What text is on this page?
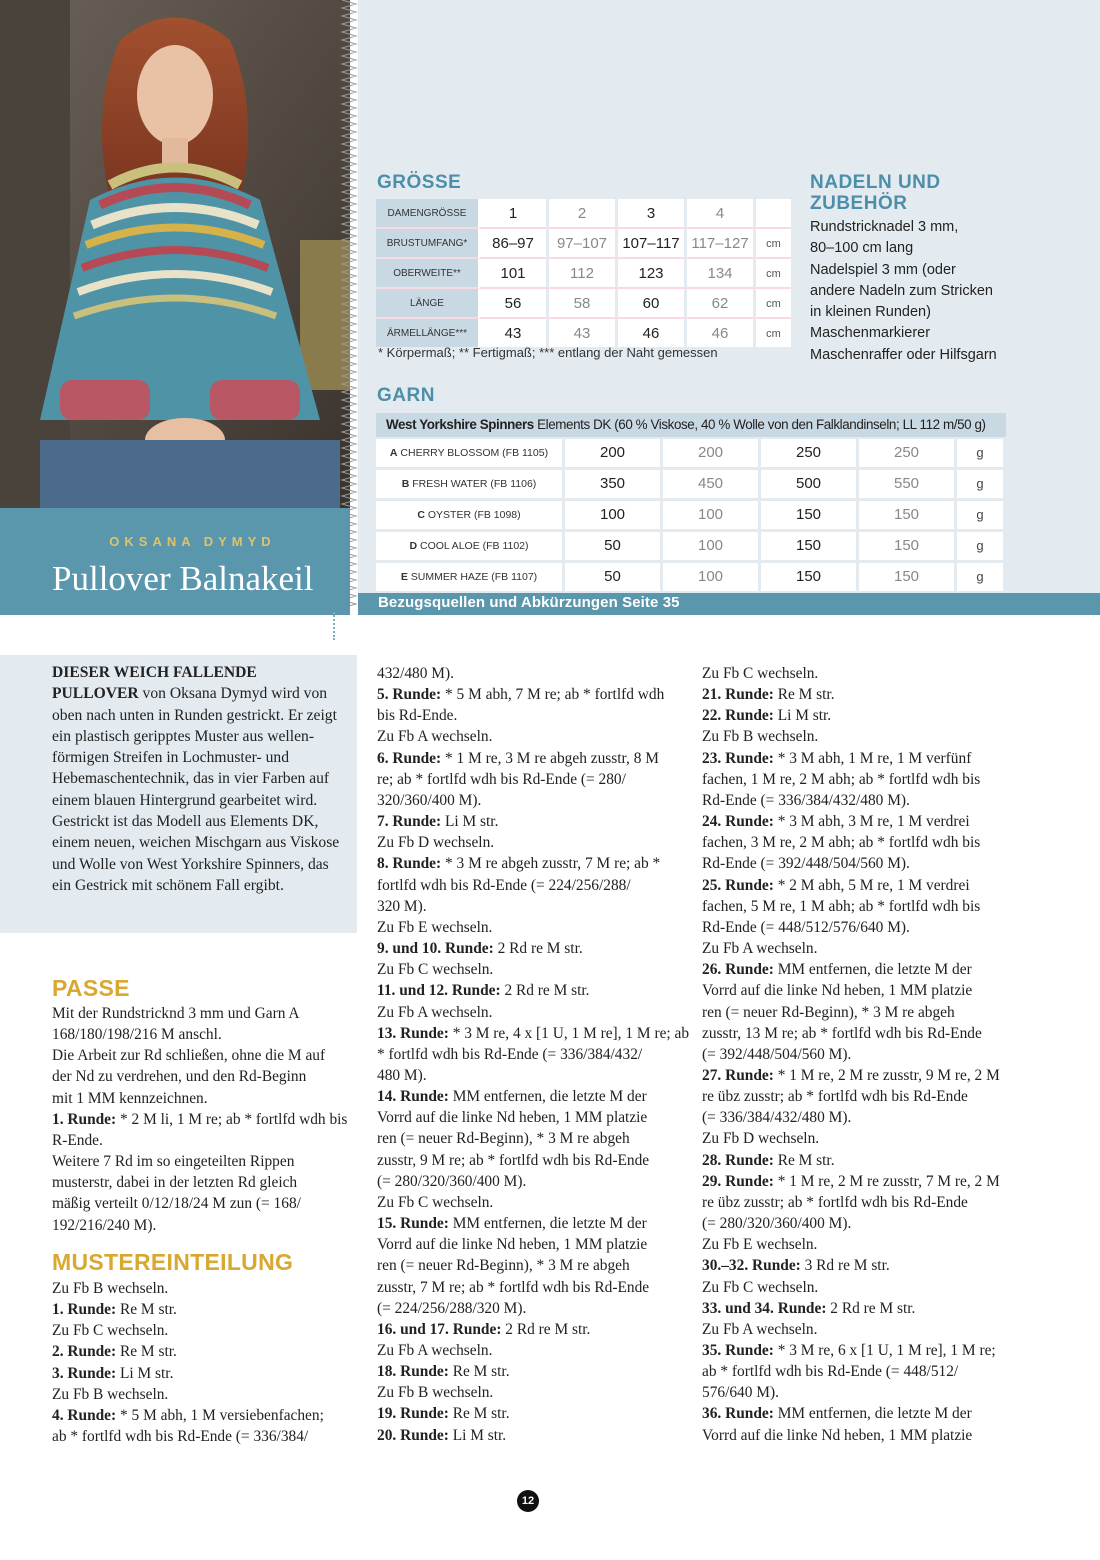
OKSANA DYMYD
Pullover Balnakeil
Bezugsquellen und Abkürzungen Seite 35
GRÖSSE
DAMENGRÖSSE	1	2	3	4	
BRUSTUMFANG*	86–97	97–107	107–117	117–127	cm
OBERWEITE**	101	112	123	134	cm
LÄNGE	56	58	60	62	cm
ÄRMELLÄNGE***	43	43	46	46	cm
* Körpermaß; ** Fertigmaß; *** entlang der Naht gemessen
NADELN UND
ZUBEHÖR
Rundstricknadel 3 mm,
80–100 cm lang
Nadelspiel 3 mm (oder
andere Nadeln zum Stricken
in kleinen Runden)
Maschenmarkierer
Maschenraffer oder Hilfsgarn
GARN
West Yorkshire Spinners Elements DK (60 % Viskose, 40 % Wolle von den Falklandinseln; LL 112 m/50 g)
A CHERRY BLOSSOM (FB 1105)	200	200	250	250	g
B FRESH WATER (FB 1106)	350	450	500	550	g
C OYSTER (FB 1098)	100	100	150	150	g
D COOL ALOE (FB 1102)	50	100	150	150	g
E SUMMER HAZE (FB 1107)	50	100	150	150	g

DIESER WEICH FALLENDE PULLOVER von Oksana Dymyd wird von oben nach unten in Runden gestrickt. Er zeigt ein plastisch geripptes Muster aus wellenförmigen Streifen in Lochmuster- und Hebemaschentechnik, das in vier Farben auf einem blauen Hintergrund gearbeitet wird. Gestrickt ist das Modell aus Elements DK, einem neuen, weichen Mischgarn aus Viskose und Wolle von West Yorkshire Spinners, das ein Gestrick mit schönem Fall ergibt.

PASSE
Mit der Rundstricknd 3 mm und Garn A
168/180/198/216 M anschl.
Die Arbeit zur Rd schließen, ohne die M auf
der Nd zu verdrehen, und den Rd-Beginn
mit 1 MM kennzeichnen.
1. Runde: * 2 M li, 1 M re; ab * fortlfd wdh bis
R-Ende.
Weitere 7 Rd im so eingeteilten Rippen
musterstr, dabei in der letzten Rd gleich
mäßig verteilt 0/12/18/24 M zun (= 168/
192/216/240 M).
MUSTEREINTEILUNG
Zu Fb B wechseln.
1. Runde: Re M str.
Zu Fb C wechseln.
2. Runde: Re M str.
3. Runde: Li M str.
Zu Fb B wechseln.
4. Runde: * 5 M abh, 1 M versiebenfachen;
ab * fortlfd wdh bis Rd-Ende (= 336/384/
432/480 M).
5. Runde: * 5 M abh, 7 M re; ab * fortlfd wdh
bis Rd-Ende.
Zu Fb A wechseln.
6. Runde: * 1 M re, 3 M re abgeh zusstr, 8 M
re; ab * fortlfd wdh bis Rd-Ende (= 280/
320/360/400 M).
7. Runde: Li M str.
Zu Fb D wechseln.
8. Runde: * 3 M re abgeh zusstr, 7 M re; ab *
fortlfd wdh bis Rd-Ende (= 224/256/288/
320 M).
Zu Fb E wechseln.
9. und 10. Runde: 2 Rd re M str.
Zu Fb C wechseln.
11. und 12. Runde: 2 Rd re M str.
Zu Fb A wechseln.
13. Runde: * 3 M re, 4 x [1 U, 1 M re], 1 M re; ab
* fortlfd wdh bis Rd-Ende (= 336/384/432/
480 M).
14. Runde: MM entfernen, die letzte M der
Vorrd auf die linke Nd heben, 1 MM platzie
ren (= neuer Rd-Beginn), * 3 M re abgeh
zusstr, 9 M re; ab * fortlfd wdh bis Rd-Ende
(= 280/320/360/400 M).
Zu Fb C wechseln.
15. Runde: MM entfernen, die letzte M der
Vorrd auf die linke Nd heben, 1 MM platzie
ren (= neuer Rd-Beginn), * 3 M re abgeh
zusstr, 7 M re; ab * fortlfd wdh bis Rd-Ende
(= 224/256/288/320 M).
16. und 17. Runde: 2 Rd re M str.
Zu Fb A wechseln.
18. Runde: Re M str.
Zu Fb B wechseln.
19. Runde: Re M str.
20. Runde: Li M str.
Zu Fb C wechseln.
21. Runde: Re M str.
22. Runde: Li M str.
Zu Fb B wechseln.
23. Runde: * 3 M abh, 1 M re, 1 M verfünf
fachen, 1 M re, 2 M abh; ab * fortlfd wdh bis
Rd-Ende (= 336/384/432/480 M).
24. Runde: * 3 M abh, 3 M re, 1 M verdrei
fachen, 3 M re, 2 M abh; ab * fortlfd wdh bis
Rd-Ende (= 392/448/504/560 M).
25. Runde: * 2 M abh, 5 M re, 1 M verdrei
fachen, 5 M re, 1 M abh; ab * fortlfd wdh bis
Rd-Ende (= 448/512/576/640 M).
Zu Fb A wechseln.
26. Runde: MM entfernen, die letzte M der
Vorrd auf die linke Nd heben, 1 MM platzie
ren (= neuer Rd-Beginn), * 3 M re abgeh
zusstr, 13 M re; ab * fortlfd wdh bis Rd-Ende
(= 392/448/504/560 M).
27. Runde: * 1 M re, 2 M re zusstr, 9 M re, 2 M
re übz zusstr; ab * fortlfd wdh bis Rd-Ende
(= 336/384/432/480 M).
Zu Fb D wechseln.
28. Runde: Re M str.
29. Runde: * 1 M re, 2 M re zusstr, 7 M re, 2 M
re übz zusstr; ab * fortlfd wdh bis Rd-Ende
(= 280/320/360/400 M).
Zu Fb E wechseln.
30.–32. Runde: 3 Rd re M str.
Zu Fb C wechseln.
33. und 34. Runde: 2 Rd re M str.
Zu Fb A wechseln.
35. Runde: * 3 M re, 6 x [1 U, 1 M re], 1 M re;
ab * fortlfd wdh bis Rd-Ende (= 448/512/
576/640 M).
36. Runde: MM entfernen, die letzte M der
Vorrd auf die linke Nd heben, 1 MM platzie
12
